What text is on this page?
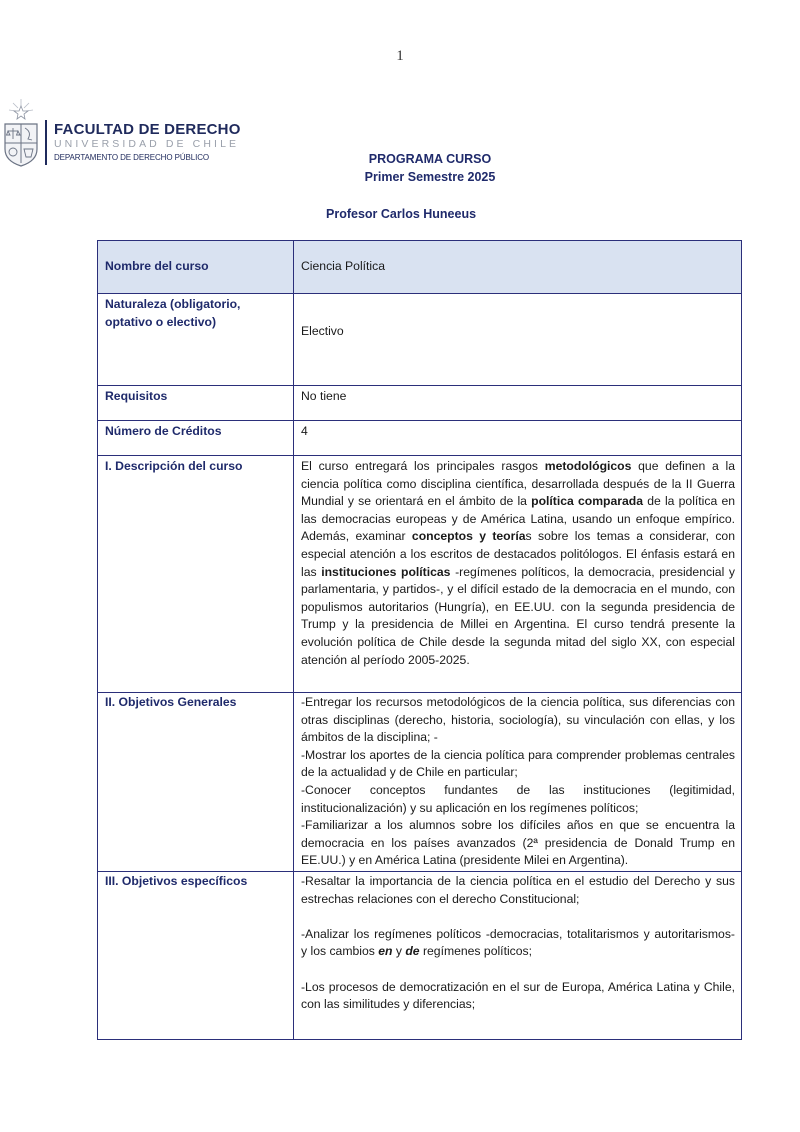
1
FACULTAD DE DERECHO
UNIVERSIDAD DE CHILE
DEPARTAMENTO DE DERECHO PÚBLICO	PROGRAMA CURSO
Primer Semestre 2025
Profesor Carlos Huneeus
Nombre del curso	Ciencia Política
Naturaleza (obligatorio, optativo o electivo)	Electivo
Requisitos	No tiene
Número de Créditos	4
I. Descripción del curso	El curso entregará los principales rasgos metodológicos que definen a la ciencia política como disciplina científica, desarrollada después de la II Guerra Mundial y se orientará en el ámbito de la política comparada de la política en las democracias europeas y de América Latina, usando un enfoque empírico. Además, examinar conceptos y teorías sobre los temas a considerar, con especial atención a los escritos de destacados politólogos. El énfasis estará en las instituciones políticas -regímenes políticos, la democracia, presidencial y parlamentaria, y partidos-, y el difícil estado de la democracia en el mundo, con populismos autoritarios (Hungría), en EE.UU. con la segunda presidencia de Trump y la presidencia de Millei en Argentina. El curso tendrá presente la evolución política de Chile desde la segunda mitad del siglo XX, con especial atención al período 2005-2025.
II. Objetivos Generales	-Entregar los recursos metodológicos de la ciencia política, sus diferencias con otras disciplinas (derecho, historia, sociología), su vinculación con ellas, y los ámbitos de la disciplina; -

-Mostrar los aportes de la ciencia política para comprender problemas centrales de la actualidad y de Chile en particular;

-Conocer conceptos fundantes de las instituciones (legitimidad, institucionalización) y su aplicación en los regímenes políticos;

-Familiarizar a los alumnos sobre los difíciles años en que se encuentra la democracia en los países avanzados (2ª presidencia de Donald Trump en EE.UU.) y en América Latina (presidente Milei en Argentina).

III. Objetivos específicos	-Resaltar la importancia de la ciencia política en el estudio del Derecho y sus estrechas relaciones con el derecho Constitucional;

-Analizar los regímenes políticos -democracias, totalitarismos y autoritarismos- y los cambios en y de regímenes políticos;

-Los procesos de democratización en el sur de Europa, América Latina y Chile, con las similitudes y diferencias;
